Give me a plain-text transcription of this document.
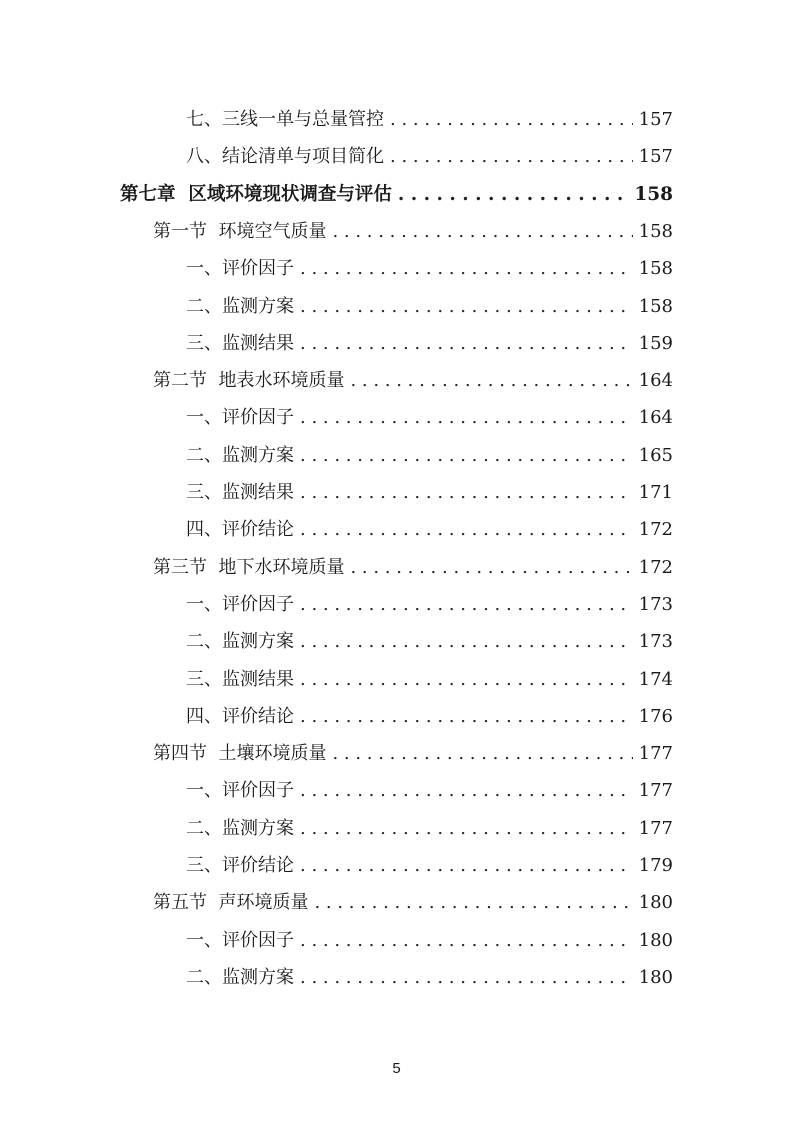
七、三线一单与总量管控 . . .	157
八、结论清单与项目简化 . . .	157
第七章  区域环境现状调查与评估 . . .	158
第一节  环境空气质量 . . .	158
一、评价因子 . . .	158
二、监测方案 . . .	158
三、监测结果 . . .	159
第二节  地表水环境质量 . . .	164
一、评价因子 . . .	164
二、监测方案 . . .	165
三、监测结果 . . .	171
四、评价结论 . . .	172
第三节  地下水环境质量 . . .	172
一、评价因子 . . .	173
二、监测方案 . . .	173
三、监测结果 . . .	174
四、评价结论 . . .	176
第四节  土壤环境质量 . . .	177
一、评价因子 . . .	177
二、监测方案 . . .	177
三、评价结论 . . .	179
第五节  声环境质量 . . .	180
一、评价因子 . . .	180
二、监测方案 . . .	180
5
